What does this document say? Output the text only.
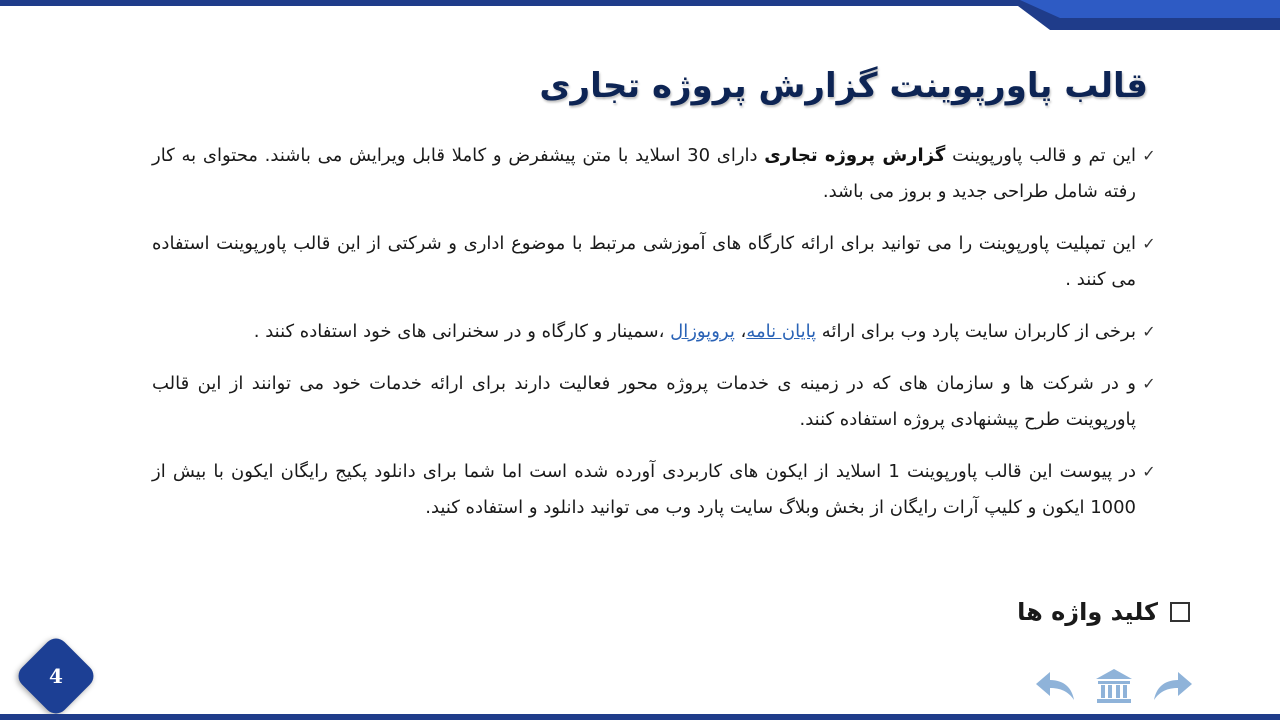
قالب پاورپوینت گزارش پروژه تجاری
✓
این تم و قالب پاورپوینت گزارش پروژه تجاری دارای 30 اسلاید با متن پیشفرض و کاملا قابل ویرایش می باشند. محتوای به کار رفته شامل طراحی جدید و بروز می باشد.
✓
این تمپلیت پاورپوینت را می توانید برای ارائه کارگاه های آموزشی مرتبط با موضوع اداری و شرکتی از این قالب پاورپوینت استفاده می کنند .
✓
برخی از کاربران سایت پارد وب برای ارائه پایان نامه، پروپوزال ،سمینار و کارگاه و در سخنرانی های خود استفاده کنند .
✓
و در شرکت ها و سازمان های که در زمینه ی خدمات پروژه محور فعالیت دارند برای ارائه خدمات خود می توانند از این قالب پاورپوینت طرح پیشنهادی پروژه استفاده کنند.
✓
در پیوست این قالب پاورپوینت 1 اسلاید از ایکون های کاربردی آورده شده است اما شما برای دانلود پکیج رایگان ایکون با بیش از 1000 ایکون و کلیپ آرات رایگان از بخش وبلاگ سایت پارد وب می توانید دانلود و استفاده کنید.
کلید واژه ها
4
